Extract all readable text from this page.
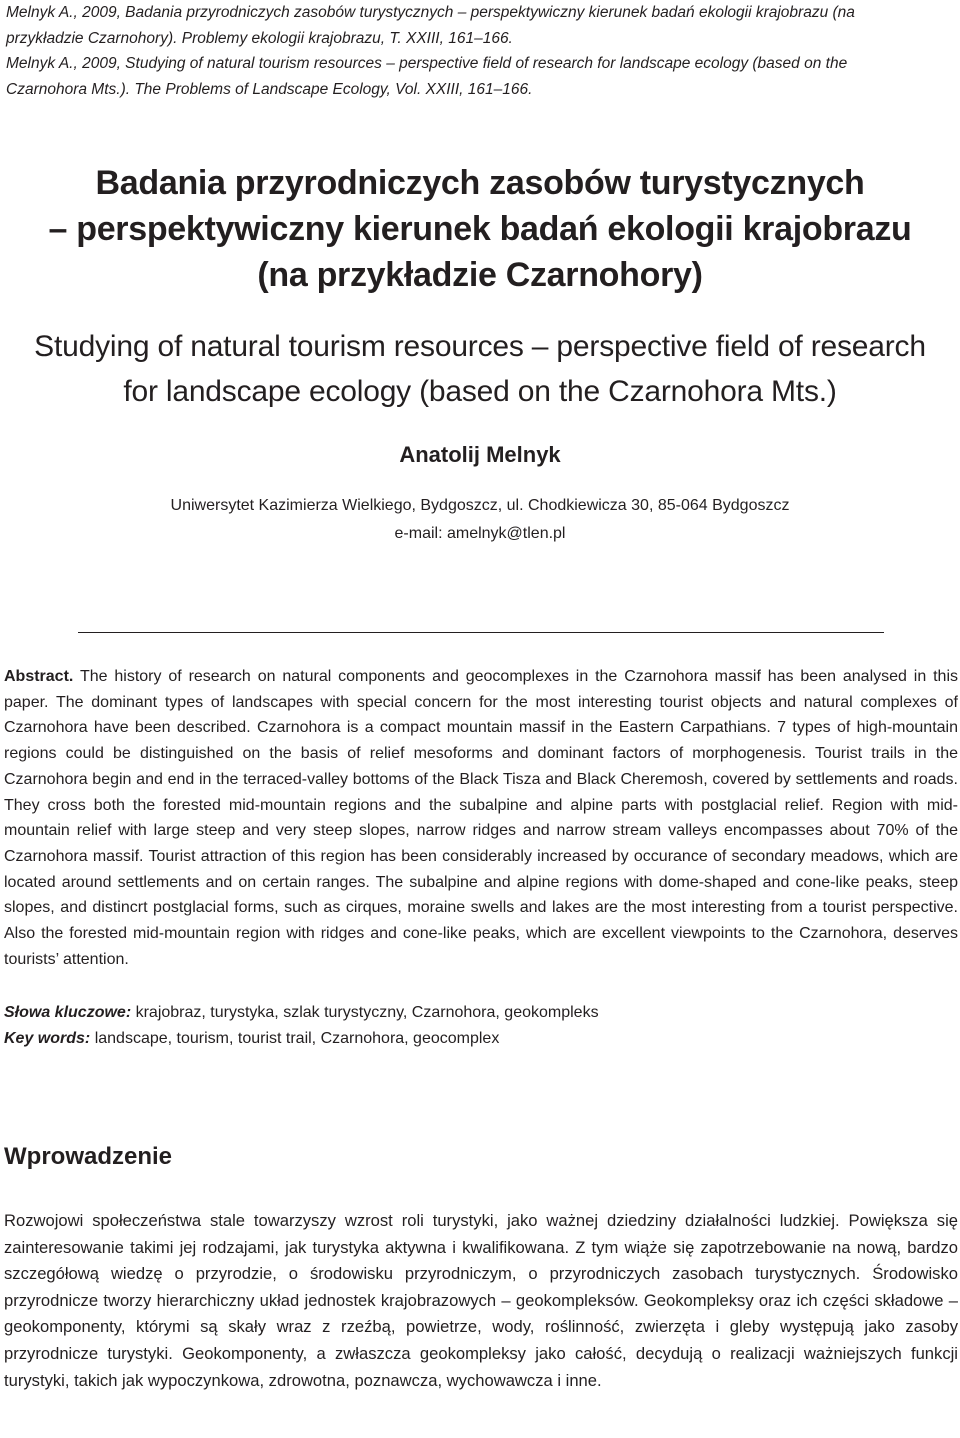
Melnyk A., 2009, Badania przyrodniczych zasobów turystycznych – perspektywiczny kierunek badań ekologii krajobrazu (na przykładzie Czarnohory). Problemy ekologii krajobrazu, T. XXIII, 161–166.
Melnyk A., 2009, Studying of natural tourism resources – perspective field of research for landscape ecology (based on the Czarnohora Mts.). The Problems of Landscape Ecology, Vol. XXIII, 161–166.
Badania przyrodniczych zasobów turystycznych
– perspektywiczny kierunek badań ekologii krajobrazu
(na przykładzie Czarnohory)
Studying of natural tourism resources – perspective field of research
for landscape ecology (based on the Czarnohora Mts.)
Anatolij Melnyk
Uniwersytet Kazimierza Wielkiego, Bydgoszcz, ul. Chodkiewicza 30, 85-064 Bydgoszcz
e-mail: amelnyk@tlen.pl

Abstract. The history of research on natural components and geocomplexes in the Czarnohora massif has been analysed in this paper. The dominant types of landscapes with special concern for the most interesting tourist objects and natural complexes of Czarnohora have been described. Czarnohora is a compact mountain massif in the Eastern Carpathians. 7 types of high-mountain regions could be distinguished on the basis of relief mesoforms and dominant factors of morphogenesis. Tourist trails in the Czarnohora begin and end in the terraced-valley bottoms of the Black Tisza and Black Cheremosh, covered by settlements and roads. They cross both the forested mid-mountain regions and the subalpine and alpine parts with postglacial relief. Region with mid-mountain relief with large steep and very steep slopes, narrow ridges and narrow stream valleys encompasses about 70% of the Czarnohora massif. Tourist attraction of this region has been considerably increased by occurance of secondary meadows, which are located around settlements and on certain ranges. The subalpine and alpine regions with dome-shaped and cone-like peaks, steep slopes, and distincrt postglacial forms, such as cirques, moraine swells and lakes are the most interesting from a tourist perspective. Also the forested mid-mountain region with ridges and cone-like peaks, which are excellent viewpoints to the Czarnohora, deserves tourists’ attention.

Słowa kluczowe: krajobraz, turystyka, szlak turystyczny, Czarnohora, geokompleks
Key words: landscape, tourism, tourist trail, Czarnohora, geocomplex
Wprowadzenie

Rozwojowi społeczeństwa stale towarzyszy wzrost roli turystyki, jako ważnej dziedziny działalności ludzkiej. Powiększa się zainteresowanie takimi jej rodzajami, jak turystyka aktywna i kwalifikowana. Z tym wiąże się zapotrzebowanie na nową, bardzo szczegółową wiedzę o przyrodzie, o środowisku przyrodniczym, o przyrodniczych zasobach turystycznych. Środowisko przyrodnicze tworzy hierarchiczny układ jednostek krajobrazowych – geokompleksów. Geokompleksy oraz ich części składowe – geokomponenty, którymi są skały wraz z rzeźbą, powietrze, wody, roślinność, zwierzęta i gleby występują jako zasoby przyrodnicze turystyki. Geokomponenty, a zwłaszcza geokompleksy jako całość, decydują o realizacji ważniejszych funkcji turystyki, takich jak wypoczynkowa, zdrowotna, poznawcza, wychowawcza i inne.
